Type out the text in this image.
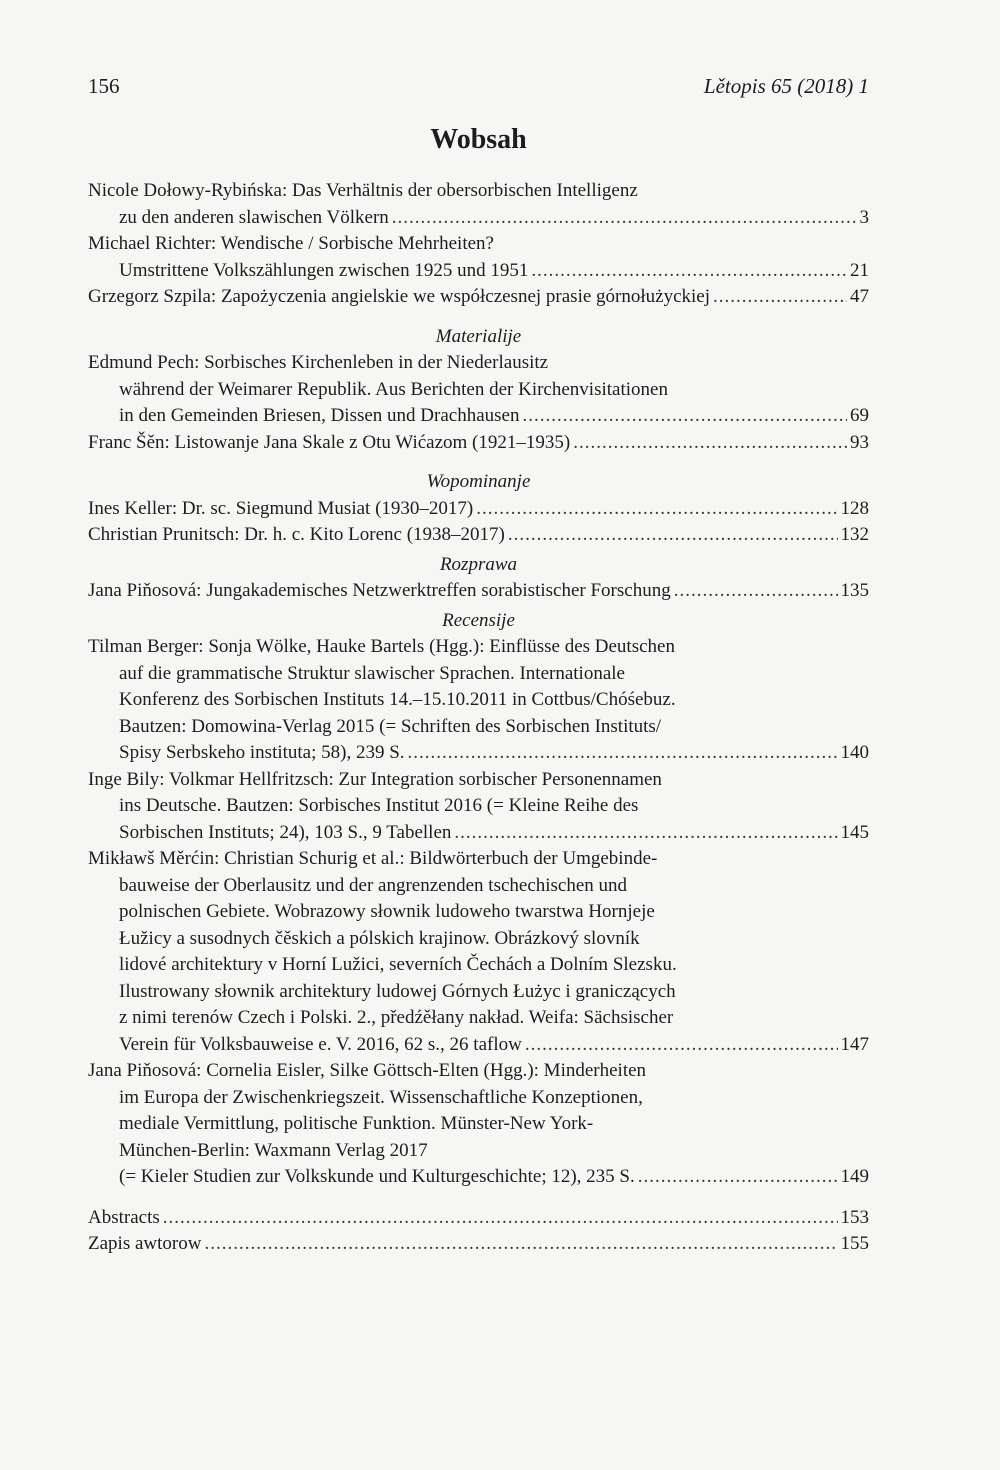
156	Lětopis 65 (2018) 1
Wobsah
Nicole Dołowy-Rybińska: Das Verhältnis der obersorbischen Intelligenz
zu den anderen slawischen Völkern .....	3
Michael Richter: Wendische / Sorbische Mehrheiten?
Umstrittene Volkszählungen zwischen 1925 und 1951 .....	21
Grzegorz Szpila: Zapożyczenia angielskie we współczesnej prasie górnołużyckiej .....	47
Materialije
Edmund Pech: Sorbisches Kirchenleben in der Niederlausitz
während der Weimarer Republik. Aus Berichten der Kirchenvisitationen
in den Gemeinden Briesen, Dissen und Drachhausen .....	69
Franc Šěn: Listowanje Jana Skale z Otu Wićazom (1921–1935) .....	93
Wopominanje
Ines Keller: Dr. sc. Siegmund Musiat (1930–2017) .....	128
Christian Prunitsch: Dr. h. c. Kito Lorenc (1938–2017) .....	132
Rozprawa
Jana Piňosová: Jungakademisches Netzwerktreffen sorabistischer Forschung .....	135
Recensije
Tilman Berger: Sonja Wölke, Hauke Bartels (Hgg.): Einflüsse des Deutschen
auf die grammatische Struktur slawischer Sprachen. Internationale
Konferenz des Sorbischen Instituts 14.–15.10.2011 in Cottbus/Chóśebuz.
Bautzen: Domowina-Verlag 2015 (= Schriften des Sorbischen Instituts/
Spisy Serbskeho instituta; 58), 239 S. .....	140
Inge Bily: Volkmar Hellfritzsch: Zur Integration sorbischer Personennamen
ins Deutsche. Bautzen: Sorbisches Institut 2016 (= Kleine Reihe des
Sorbischen Instituts; 24), 103 S., 9 Tabellen .....	145
Mikławš Měrćin: Christian Schurig et al.: Bildwörterbuch der Umgebinde-
bauweise der Oberlausitz und der angrenzenden tschechischen und
polnischen Gebiete. Wobrazowy słownik ludoweho twarstwa Hornjeje
Łužicy a susodnych čěskich a pólskich krajinow. Obrázkový slovník
lidové architektury v Horní Lužici, severních Čechách a Dolním Slezsku.
Ilustrowany słownik architektury ludowej Górnych Łużyc i graniczących
z nimi terenów Czech i Polski. 2., předźěłany nakład. Weifa: Sächsischer
Verein für Volksbauweise e. V. 2016, 62 s., 26 taflow .....	147
Jana Piňosová: Cornelia Eisler, Silke Göttsch-Elten (Hgg.): Minderheiten
im Europa der Zwischenkriegszeit. Wissenschaftliche Konzeptionen,
mediale Vermittlung, politische Funktion. Münster-New York-
München-Berlin: Waxmann Verlag 2017
(= Kieler Studien zur Volkskunde und Kulturgeschichte; 12), 235 S. .....	149
Abstracts .....	153
Zapis awtorow .....	155
